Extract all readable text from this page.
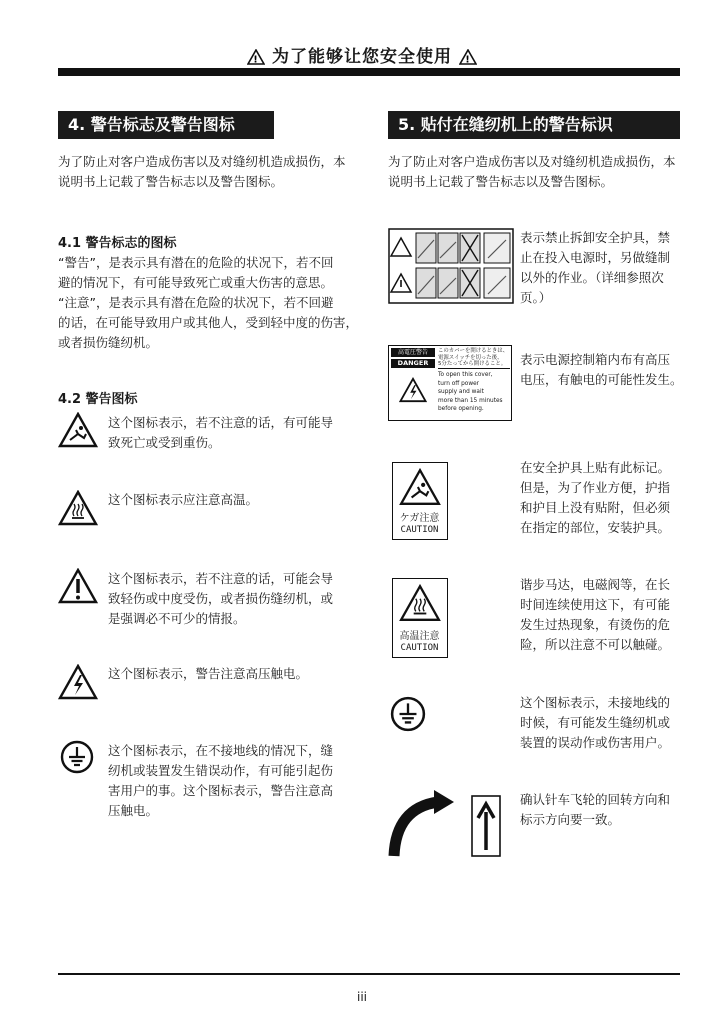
! 为了能够让您安全使用 !
4. 警告标志及警告图标
为了防止对客户造成伤害以及对缝纫机造成损伤，本
说明书上记载了警告标志以及警告图标。
4.1 警告标志的图标
“警告”，是表示具有潜在的危险的状况下，若不回
避的情况下，有可能导致死亡或重大伤害的意思。
“注意”，是表示具有潜在危险的状况下，若不回避
的话，在可能导致用户或其他人，受到轻中度的伤害，
或者损伤缝纫机。
4.2 警告图标
这个图标表示，若不注意的话，有可能导
致死亡或受到重伤。
这个图标表示应注意高温。
这个图标表示，若不注意的话，可能会导
致轻伤或中度受伤，或者损伤缝纫机，或
是强调必不可少的情报。
这个图标表示，警告注意高压触电。
这个图标表示，在不接地线的情况下，缝
纫机或装置发生错误动作，有可能引起伤
害用户的事。这个图标表示，警告注意高
压触电。
5. 贴付在缝纫机上的警告标识
为了防止对客户造成伤害以及对缝纫机造成损伤，本
说明书上记载了警告标志以及警告图标。
表示禁止拆卸安全护具，禁
止在投入电源时，另做缝制
以外的作业。（详细参照次
页。）
高電圧警告
DANGER
このカバーを開けるときは、
電源スイッチを切った後、
5分たってから開けること。
To open this cover,
turn off power
supply and wait
more than 15 minutes
before opening.
表示电源控制箱内布有高压
电压，有触电的可能性发生。
ケガ注意
CAUTION
在安全护具上贴有此标记。
但是，为了作业方便，护指
和护目上没有贴附，但必须
在指定的部位，安装护具。
高温注意
CAUTION
谐步马达，电磁阀等，在长
时间连续使用这下，有可能
发生过热现象，有烫伤的危
险，所以注意不可以触碰。
这个图标表示，未接地线的
时候，有可能发生缝纫机或
装置的误动作或伤害用户。
确认针车飞轮的回转方向和
标示方向要一致。
iii
